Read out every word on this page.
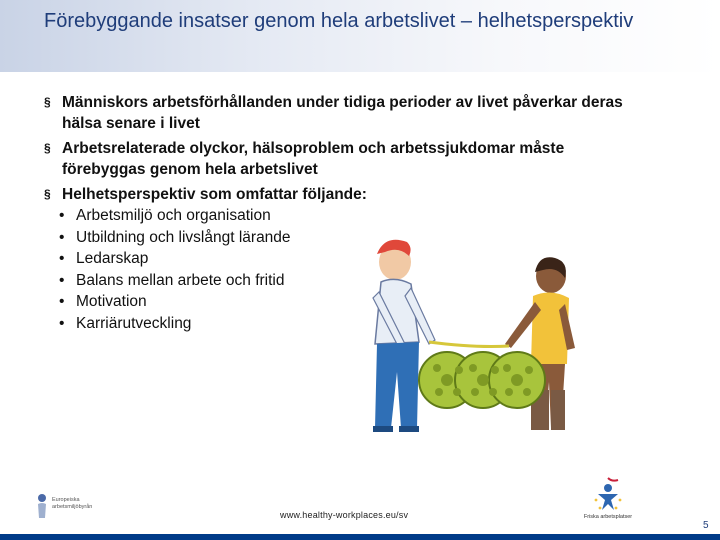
Förebyggande insatser genom hela arbetslivet – helhetsperspektiv
§ Människors arbetsförhållanden under tidiga perioder av livet påverkar deras hälsa senare i livet
§ Arbetsrelaterade olyckor, hälsoproblem och arbetssjukdomar måste förebyggas genom hela arbetslivet
§ Helhetsperspektiv som omfattar följande:
• Arbetsmiljö och organisation
• Utbildning och livslångt lärande
• Ledarskap
• Balans mellan arbete och fritid
• Motivation
• Karriärutveckling
Europeiska arbetsmiljöbyrån
www.healthy-workplaces.eu/sv	Friska arbetsplatser
5
